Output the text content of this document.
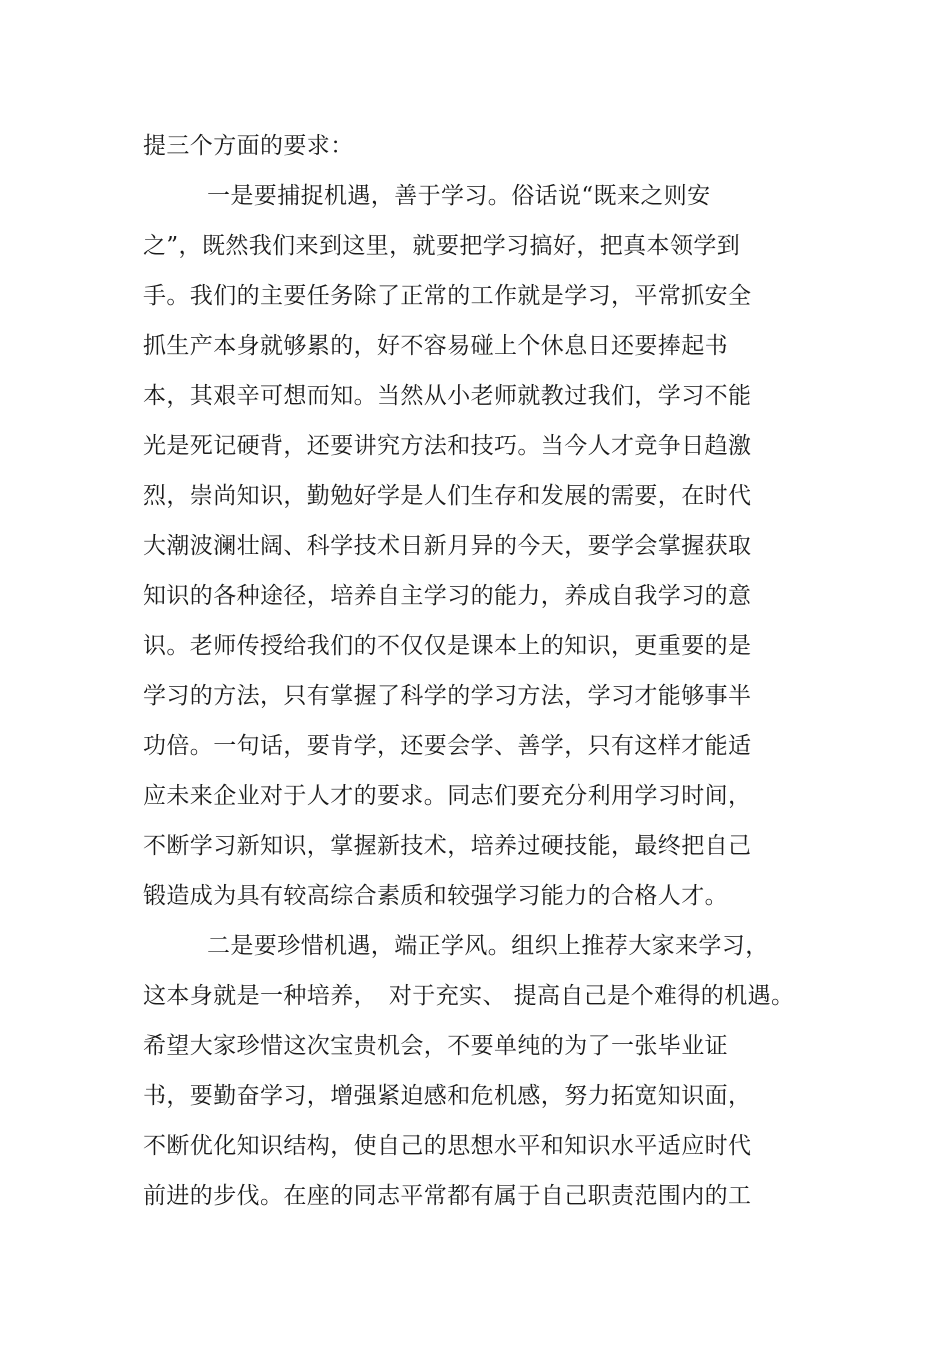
提三个方面的要求：
一是要捕捉机遇，善于学习。俗话说“既来之则安
之”，既然我们来到这里，就要把学习搞好，把真本领学到
手。我们的主要任务除了正常的工作就是学习，平常抓安全
抓生产本身就够累的，好不容易碰上个休息日还要捧起书
本，其艰辛可想而知。当然从小老师就教过我们，学习不能
光是死记硬背，还要讲究方法和技巧。当今人才竞争日趋激
烈，崇尚知识，勤勉好学是人们生存和发展的需要，在时代
大潮波澜壮阔、科学技术日新月异的今天，要学会掌握获取
知识的各种途径，培养自主学习的能力，养成自我学习的意
识。老师传授给我们的不仅仅是课本上的知识，更重要的是
学习的方法，只有掌握了科学的学习方法，学习才能够事半
功倍。一句话，要肯学，还要会学、善学，只有这样才能适
应未来企业对于人才的要求。同志们要充分利用学习时间，
不断学习新知识，掌握新技术，培养过硬技能，最终把自己
锻造成为具有较高综合素质和较强学习能力的合格人才。
二是要珍惜机遇，端正学风。组织上推荐大家来学习，
这本身就是一种培养，　对于充实、 提高自己是个难得的机遇。
希望大家珍惜这次宝贵机会，不要单纯的为了一张毕业证
书，要勤奋学习，增强紧迫感和危机感，努力拓宽知识面，
不断优化知识结构，使自己的思想水平和知识水平适应时代
前进的步伐。在座的同志平常都有属于自己职责范围内的工
